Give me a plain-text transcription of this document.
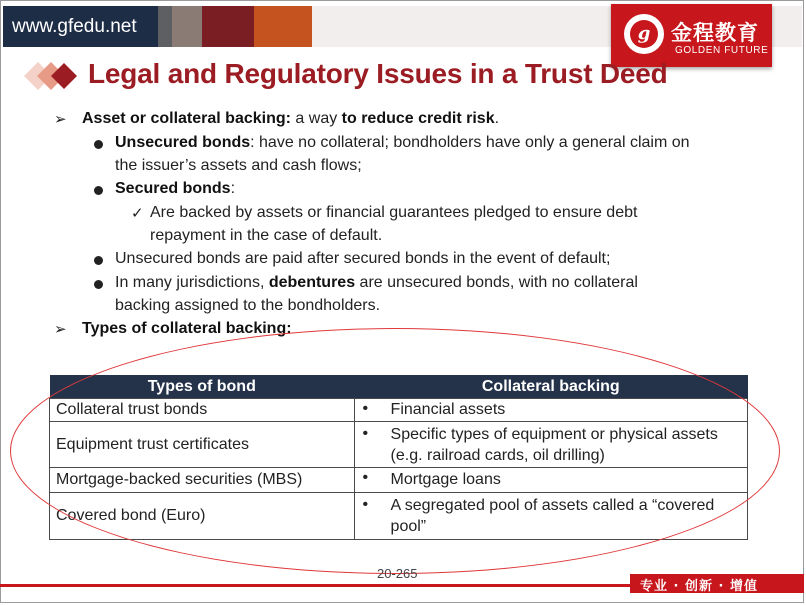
www.gfedu.net	g 金程教育
GOLDEN FUTURE
Legal and Regulatory Issues in a Trust Deed
➢ Asset or collateral backing: a way to reduce credit risk.
Unsecured bonds: have no collateral; bondholders have only a general claim on
the issuer’s assets and cash flows;
Secured bonds:
✓ Are backed by assets or financial guarantees pledged to ensure debt
repayment in the case of default.
Unsecured bonds are paid after secured bonds in the event of default;
In many jurisdictions, debentures are unsecured bonds, with no collateral
backing assigned to the bondholders.
➢ Types of collateral backing:
Types of bond	Collateral backing
Collateral trust bonds	• Financial assets
Equipment trust certificates	• Specific types of equipment or physical assets
(e.g. railroad cards, oil drilling)
Mortgage-backed securities (MBS)	• Mortgage loans
Covered bond (Euro)	• A segregated pool of assets called a “covered
pool”
20-265
专业 · 创新 · 增值
